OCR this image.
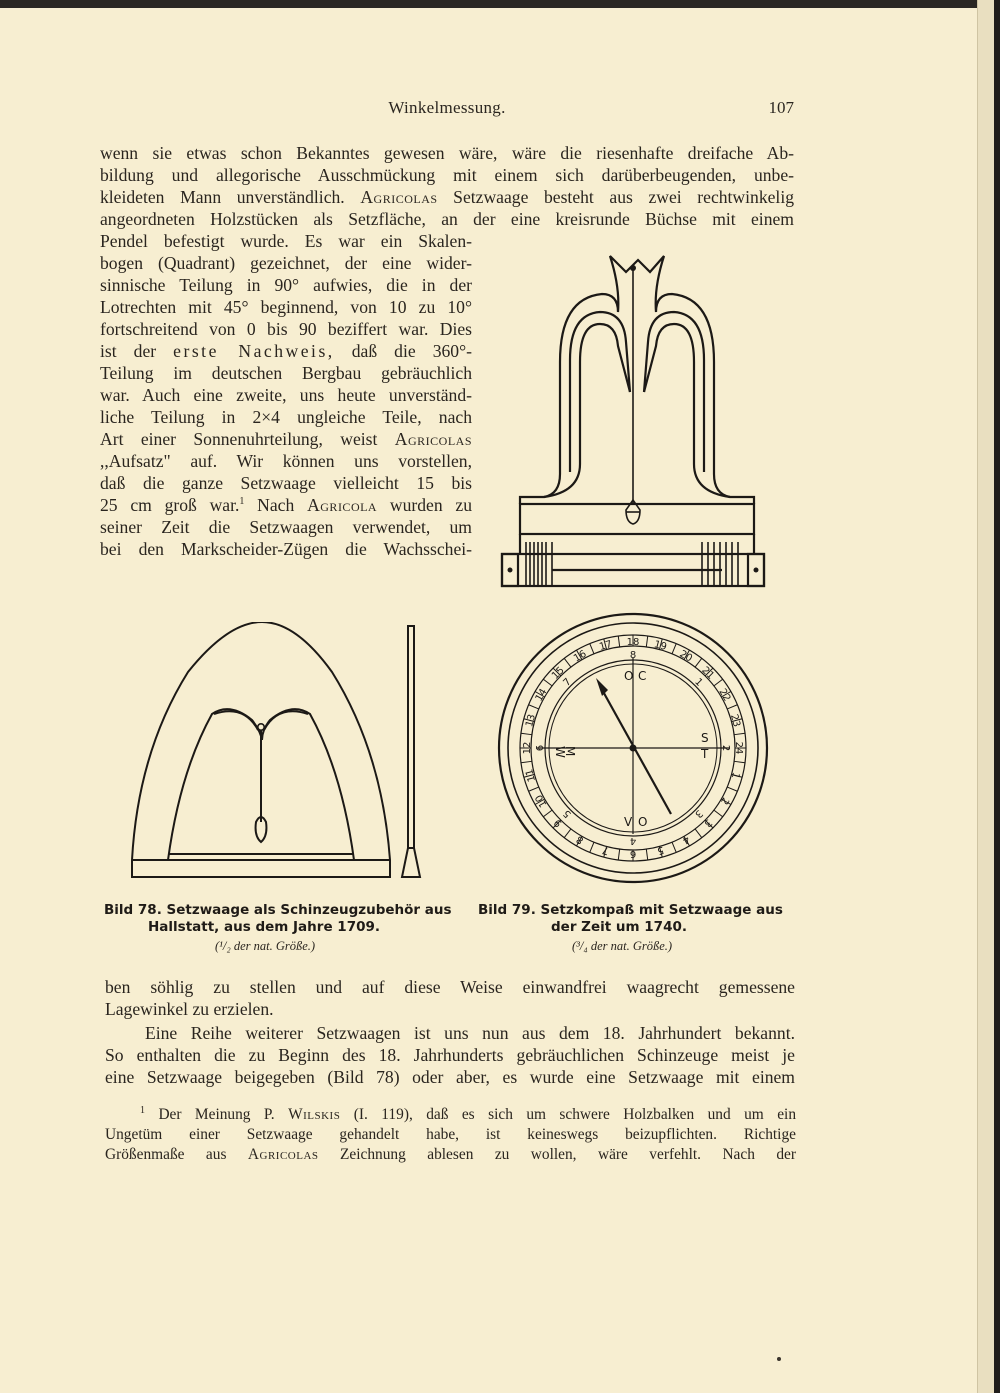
Winkelmessung.	107
wenn sie etwas schon Bekanntes gewesen wäre, wäre die riesenhafte dreifache Ab-
bildung und allegorische Ausschmückung mit einem sich darüberbeugenden, unbe-
kleideten Mann unverständlich. Agricolas Setzwaage besteht aus zwei rechtwinkelig
angeordneten Holzstücken als Setzfläche, an der eine kreisrunde Büchse mit einem
Pendel befestigt wurde. Es war ein Skalen-
bogen (Quadrant) gezeichnet, der eine wider-
sinnische Teilung in 90° aufwies, die in der
Lotrechten mit 45° beginnend, von 10 zu 10°
fortschreitend von 0 bis 90 beziffert war. Dies
ist der erste Nachweis, daß die 360°-
Teilung im deutschen Bergbau gebräuchlich
war. Auch eine zweite, uns heute unverständ-
liche Teilung in 2×4 ungleiche Teile, nach
Art einer Sonnenuhrteilung, weist Agricolas
,,Aufsatz" auf. Wir können uns vorstellen,
daß die ganze Setzwaage vielleicht 15 bis
25 cm groß war.$^1$ Nach Agricola wurden zu
seiner Zeit die Setzwaagen verwendet, um
bei den Markscheider-Zügen die Wachsschei-
18
17	19
16	20
15	21
14	22
13	23
12	24
11	1
10	2
9	3
8	4
7	5
6
8
7
6
5
4
3
2
1
O C
W
S
M
O
V
T
Bild 78. Setzwaage als Schinzeugzubehör aus
Hallstatt, aus dem Jahre 1709.
(¹/₂ der nat. Größe.)
Bild 79. Setzkompaß mit Setzwaage aus
der Zeit um 1740.
(³/₄ der nat. Größe.)
ben söhlig zu stellen und auf diese Weise einwandfrei waagrecht gemessene
Lagewinkel zu erzielen.
Eine Reihe weiterer Setzwaagen ist uns nun aus dem 18. Jahrhundert bekannt.
So enthalten die zu Beginn des 18. Jahrhunderts gebräuchlichen Schinzeuge meist je
eine Setzwaage beigegeben (Bild 78) oder aber, es wurde eine Setzwaage mit einem
$^1$ Der Meinung P. Wilskis (I. 119), daß es sich um schwere Holzbalken und um ein
Ungetüm einer Setzwaage gehandelt habe, ist keineswegs beizupflichten. Richtige
Größenmaße aus Agricolas Zeichnung ablesen zu wollen, wäre verfehlt. Nach der
